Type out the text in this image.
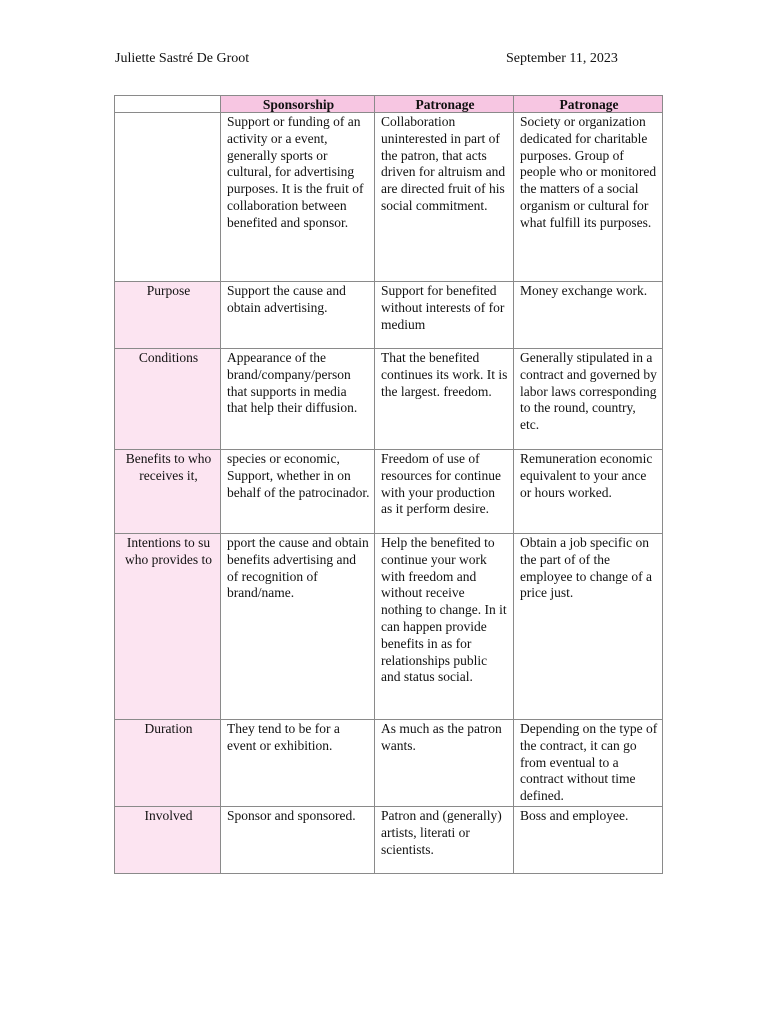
Juliette Sastré De Groot	September 11, 2023
	Sponsorship	Patronage	Patronage
	Support or funding of an activity or a event, generally sports or cultural, for advertising purposes. It is the fruit of collaboration between benefited and sponsor.	Collaboration uninterested in part of the patron, that acts driven for altruism and are directed fruit of his social commitment.	Society or organization dedicated for charitable purposes. Group of people who or monitored the matters of a social organism or cultural for what fulfill its purposes.
Purpose	Support the cause and obtain advertising.	Support for benefited without interests of for medium	Money exchange work.
Conditions	Appearance of the brand/company/person that supports in media that help their diffusion.	That the benefited continues its work. It is the largest. freedom.	Generally stipulated in a contract and governed by labor laws corresponding to the round, country, etc.
Benefits to who receives it,	species or economic, Support, whether in on behalf of the patrocinador.	Freedom of use of resources for continue with your production as it perform desire.	Remuneration economic equivalent to your ance or hours worked.
Intentions to su who provides to	pport the cause and obtain benefits advertising and of recognition of brand/name.	Help the benefited to continue your work with freedom and without receive nothing to change. In it can happen provide benefits in as for relationships public and status social.	Obtain a job specific on the part of of the employee to change of a price just.
Duration	They tend to be for a event or exhibition.	As much as the patron wants.	Depending on the type of the contract, it can go from eventual to a contract without time defined.
Involved	Sponsor and sponsored.	Patron and (generally) artists, literati or scientists.	Boss and employee.
